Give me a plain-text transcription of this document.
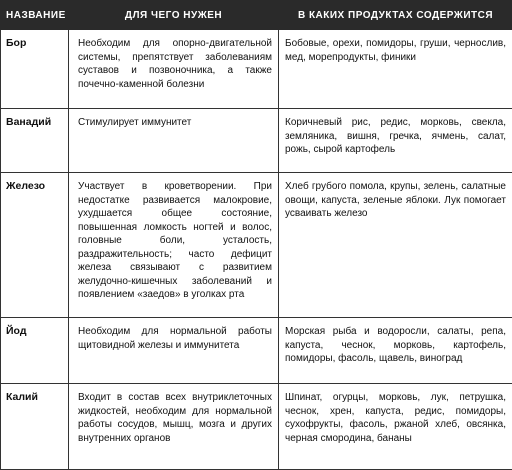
НАЗВАНИЕ	ДЛЯ ЧЕГО НУЖЕН	В КАКИХ ПРОДУКТАХ СОДЕРЖИТСЯ
Бор	Необходим для опорно-двигательной системы, препятствует заболеваниям суставов и позвоночника, а также почечно-каменной болезни	Бобовые, орехи, помидоры, груши, чернослив, мед, морепродукты, финики
Ванадий	Стимулирует иммунитет	Коричневый рис, редис, морковь, свекла, земляника, вишня, гречка, ячмень, салат, рожь, сырой картофель
Железо	Участвует в кроветворении. При недостатке развивается малокровие, ухудшается общее состояние, повышенная ломкость ногтей и волос, головные боли, усталость, раздражительность; часто дефицит железа связывают с развитием желудочно-кишечных заболеваний и появлением «заедов» в уголках рта	Хлеб грубого помола, крупы, зелень, салатные овощи, капуста, зеленые яблоки. Лук помогает усваивать железо
Йод	Необходим для нормальной работы щитовидной железы и иммунитета	Морская рыба и водоросли, салаты, репа, капуста, чеснок, морковь, картофель, помидоры, фасоль, щавель, виноград
Калий	Входит в состав всех внутриклеточных жидкостей, необходим для нормальной работы сосудов, мышц, мозга и других внутренних органов	Шпинат, огурцы, морковь, лук, петрушка, чеснок, хрен, капуста, редис, помидоры, сухофрукты, фасоль, ржаной хлеб, овсянка, черная смородина, бананы
